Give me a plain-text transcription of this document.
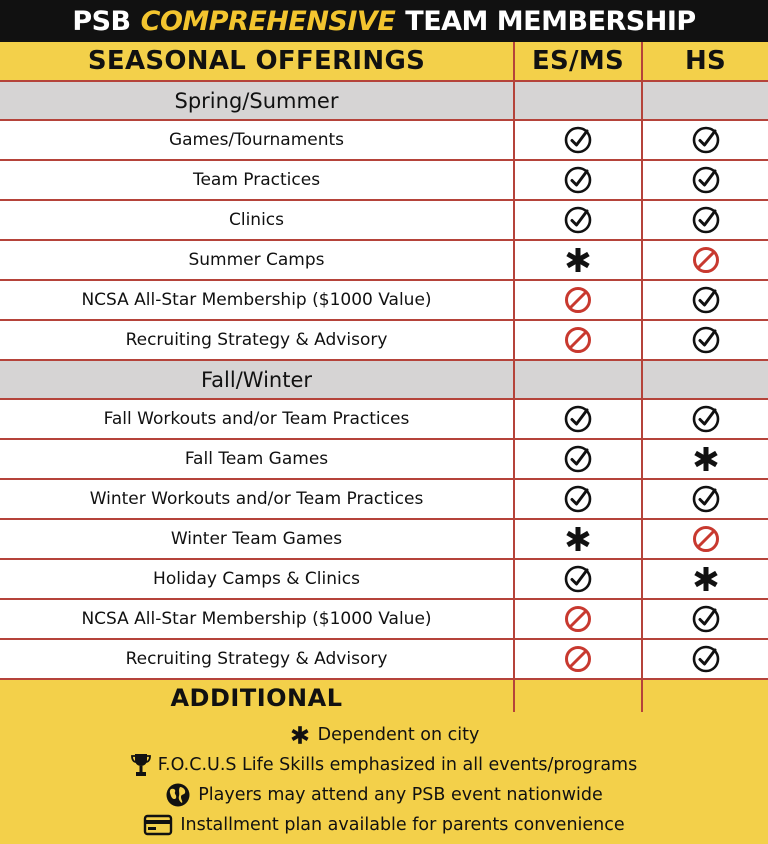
PSB COMPREHENSIVE TEAM MEMBERSHIP
SEASONAL OFFERINGS	ES/MS	HS
Spring/Summer
Games/Tournaments
Team Practices
Clinics
Summer Camps
NCSA All-Star Membership ($1000 Value)
Recruiting Strategy & Advisory
Fall/Winter
Fall Workouts and/or Team Practices
Fall Team Games
Winter Workouts and/or Team Practices
Winter Team Games
Holiday Camps & Clinics
NCSA All-Star Membership ($1000 Value)
Recruiting Strategy & Advisory
ADDITIONAL
Dependent on city
F.O.C.U.S Life Skills emphasized in all events/programs
Players may attend any PSB event nationwide
Installment plan available for parents convenience
